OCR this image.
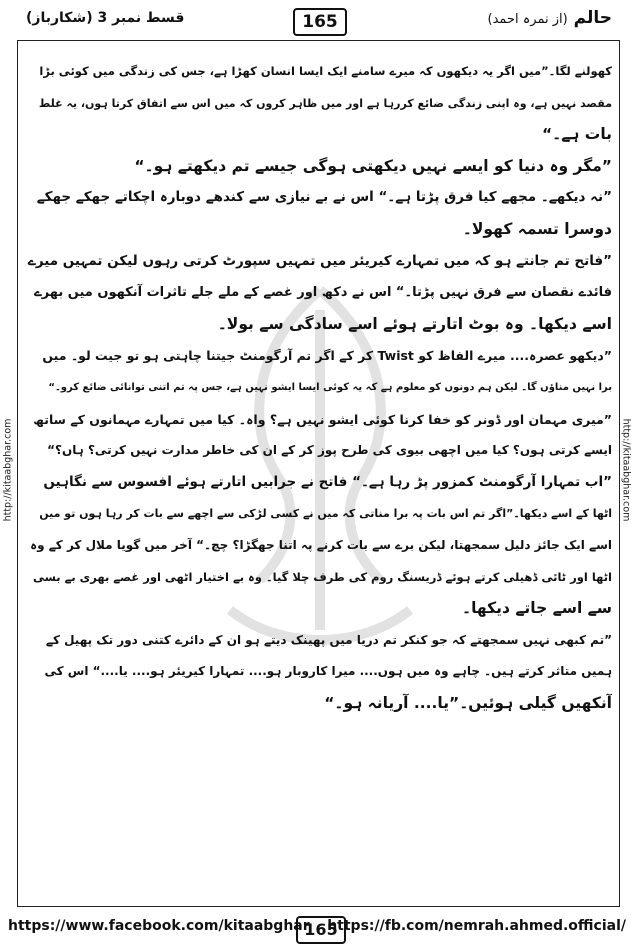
حالم (از نمرہ احمد)
165
قسط نمبر 3 (شکارباز)
http://kitaabghar.com	http://kitaabghar.com
کھولنے لگا۔”میں اگر یہ دیکھوں کہ میرے سامنے ایک ایسا انسان کھڑا ہے، جس کی زندگی میں کوئی بڑا
مقصد نہیں ہے، وہ اپنی زندگی ضائع کررہا ہے اور میں ظاہر کروں کہ میں اس سے اتفاق کرتا ہوں، یہ غلط
بات ہے۔“
”مگر وہ دنیا کو ایسے نہیں دیکھتی ہوگی جیسے تم دیکھتے ہو۔“
”نہ دیکھے۔ مجھے کیا فرق پڑتا ہے۔“ اس نے بے نیازی سے کندھے دوبارہ اچکاتے جھکے جھکے
دوسرا تسمہ کھولا۔
”فاتح تم جانتے ہو کہ میں تمہارے کیریئر میں تمہیں سپورٹ کرتی رہوں لیکن تمہیں میرے
فائدے نقصان سے فرق نہیں پڑتا۔“ اس نے دکھ اور غصے کے ملے جلے تاثرات آنکھوں میں بھرے
اسے دیکھا۔ وہ بوٹ اتارتے ہوئے اسے سادگی سے بولا۔
”دیکھو عصرہ.... میرے الفاظ کو Twist کر کے اگر تم آرگومنٹ جیتنا چاہتی ہو تو جیت لو۔ میں
برا نہیں مناؤں گا۔ لیکن ہم دونوں کو معلوم ہے کہ یہ کوئی ایسا ایشو نہیں ہے، جس پہ تم اتنی توانائی ضائع کرو۔“
”میری مہمان اور ڈونر کو خفا کرنا کوئی ایشو نہیں ہے؟ واہ۔ کیا میں تمہارے مہمانوں کے ساتھ
ایسے کرتی ہوں؟ کیا میں اچھی بیوی کی طرح پوز کر کے ان کی خاطر مدارت نہیں کرتی؟ ہاں؟“
”اب تمہارا آرگومنٹ کمزور پڑ رہا ہے۔“ فاتح نے جرابیں اتارتے ہوئے افسوس سے نگاہیں
اٹھا کے اسے دیکھا۔”اگر تم اس بات پہ برا مناتی کہ میں نے کسی لڑکی سے اچھے سے بات کر رہا ہوں تو میں
اسے ایک جائز دلیل سمجھتا، لیکن برے سے بات کرنے پہ اتنا جھگڑا؟ چچ۔“ آخر میں گویا ملال کر کے وہ
اٹھا اور ٹائی ڈھیلی کرتے ہوئے ڈریسنگ روم کی طرف چلا گیا۔ وہ بے اختیار اٹھی اور غصے بھری بے بسی
سے اسے جاتے دیکھا۔
”تم کبھی نہیں سمجھتے کہ جو کنکر تم دریا میں پھینک دیتے ہو ان کے دائرے کتنی دور تک پھیل کے
ہمیں متاثر کرتے ہیں۔ چاہے وہ میں ہوں.... میرا کاروبار ہو.... تمہارا کیریئر ہو.... یا....“ اس کی
آنکھیں گیلی ہوئیں۔”یا.... آریانہ ہو۔“
https://www.facebook.com/kitaabghar
165
https://fb.com/nemrah.ahmed.official/
